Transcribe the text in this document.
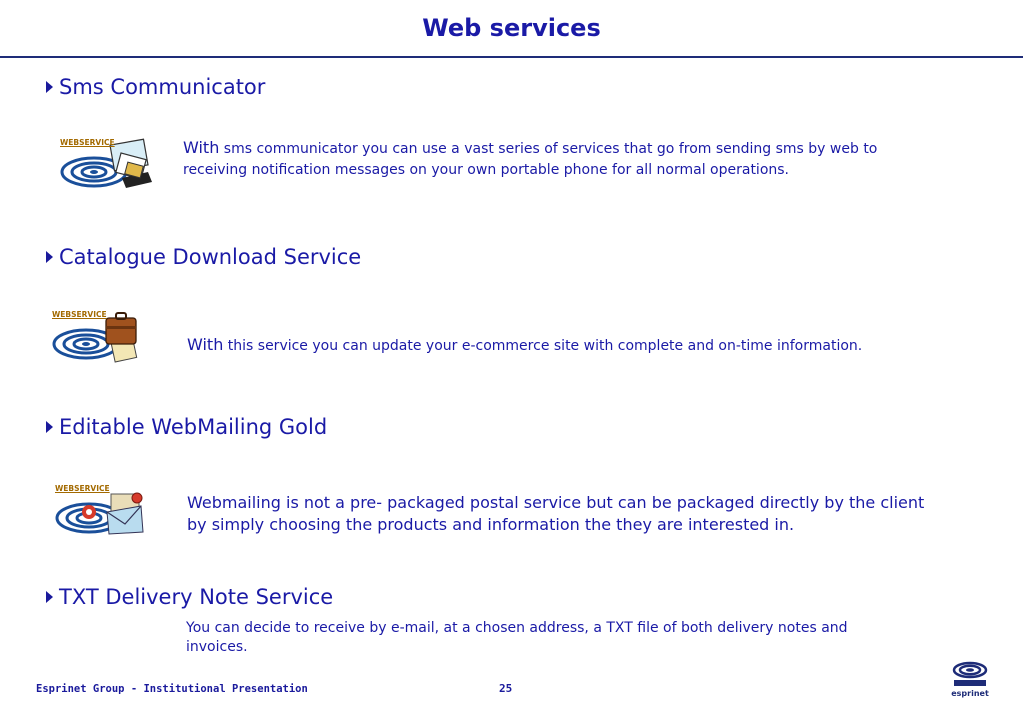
Web services
Sms Communicator
WEBSERVICE	With sms communicator you can use a vast series of services that go from sending sms by web to receiving notification messages on your own portable phone for all normal operations.
Catalogue Download Service
WEBSERVICE
With this service you can update your e-commerce site with complete and on-time information.
Editable WebMailing Gold
WEBSERVICE
Webmailing is not a pre- packaged postal service but can be packaged directly by the client by simply choosing the products and information the they are interested in.
TXT Delivery Note Service
You can decide to receive by e-mail, at a chosen address, a TXT file of both delivery notes and invoices.
Esprinet Group - Institutional Presentation	25	esprinet
